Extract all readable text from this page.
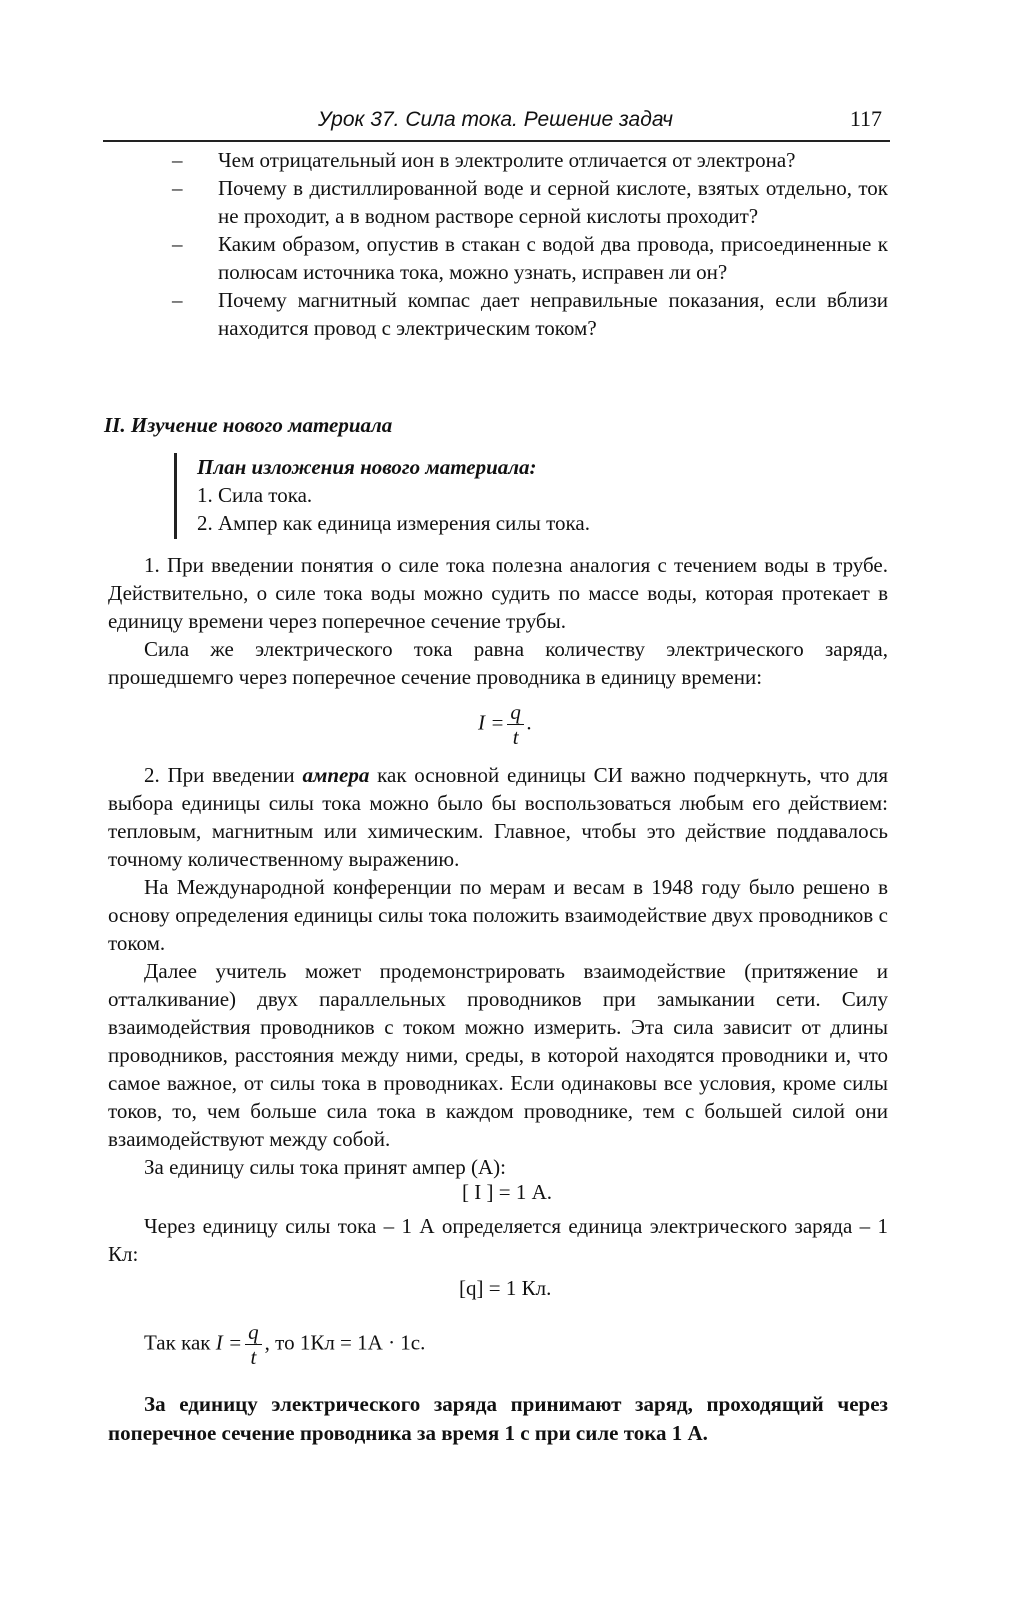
Урок 37. Сила тока. Решение задач	117
– Чем отрицательный ион в электролите отличается от электрона?
– Почему в дистиллированной воде и серной кислоте, взятых отдельно, ток не проходит, а в водном растворе серной кислоты проходит?
– Каким образом, опустив в стакан с водой два провода, присоединенные к полюсам источника тока, можно узнать, исправен ли он?
– Почему магнитный компас дает неправильные показания, если вблизи находится провод с электрическим током?
II. Изучение нового материала
План изложения нового материала:
1. Сила тока.
2. Ампер как единица измерения силы тока.

1. При введении понятия о силе тока полезна аналогия с течением воды в трубе. Действительно, о силе тока воды можно судить по массе воды, которая протекает в единицу времени через поперечное сечение трубы.

Сила же электрического тока равна количеству электрического заряда, прошедшемго через поперечное сечение проводника в единицу времени:

$I = \frac{q}{t}$ .

2. При введении ампера как основной единицы СИ важно подчеркнуть, что для выбора единицы силы тока можно было бы воспользоваться любым его действием: тепловым, магнитным или химическим. Главное, чтобы это действие поддавалось точному количественному выражению.

На Международной конференции по мерам и весам в 1948 году было решено в основу определения единицы силы тока положить взаимодействие двух проводников с током.

Далее учитель может продемонстрировать взаимодействие (притяжение и отталкивание) двух параллельных проводников при замыкании сети. Силу взаимодействия проводников с током можно измерить. Эта сила зависит от длины проводников, расстояния между ними, среды, в которой находятся проводники и, что самое важное, от силы тока в проводниках. Если одинаковы все условия, кроме силы токов, то, чем больше сила тока в каждом проводнике, тем с большей силой они взаимодействуют между собой.

За единицу силы тока принят ампер (А):

[ I ] = 1 А.

Через единицу силы тока – 1 А определяется единица электрического заряда – 1 Кл:

[q] = 1 Кл.
Так как $I = \frac{q}{t}$ , то 1Кл = 1А · 1с.
За единицу электрического заряда принимают заряд, проходящий через поперечное сечение проводника за время 1 с при силе тока 1 А.
